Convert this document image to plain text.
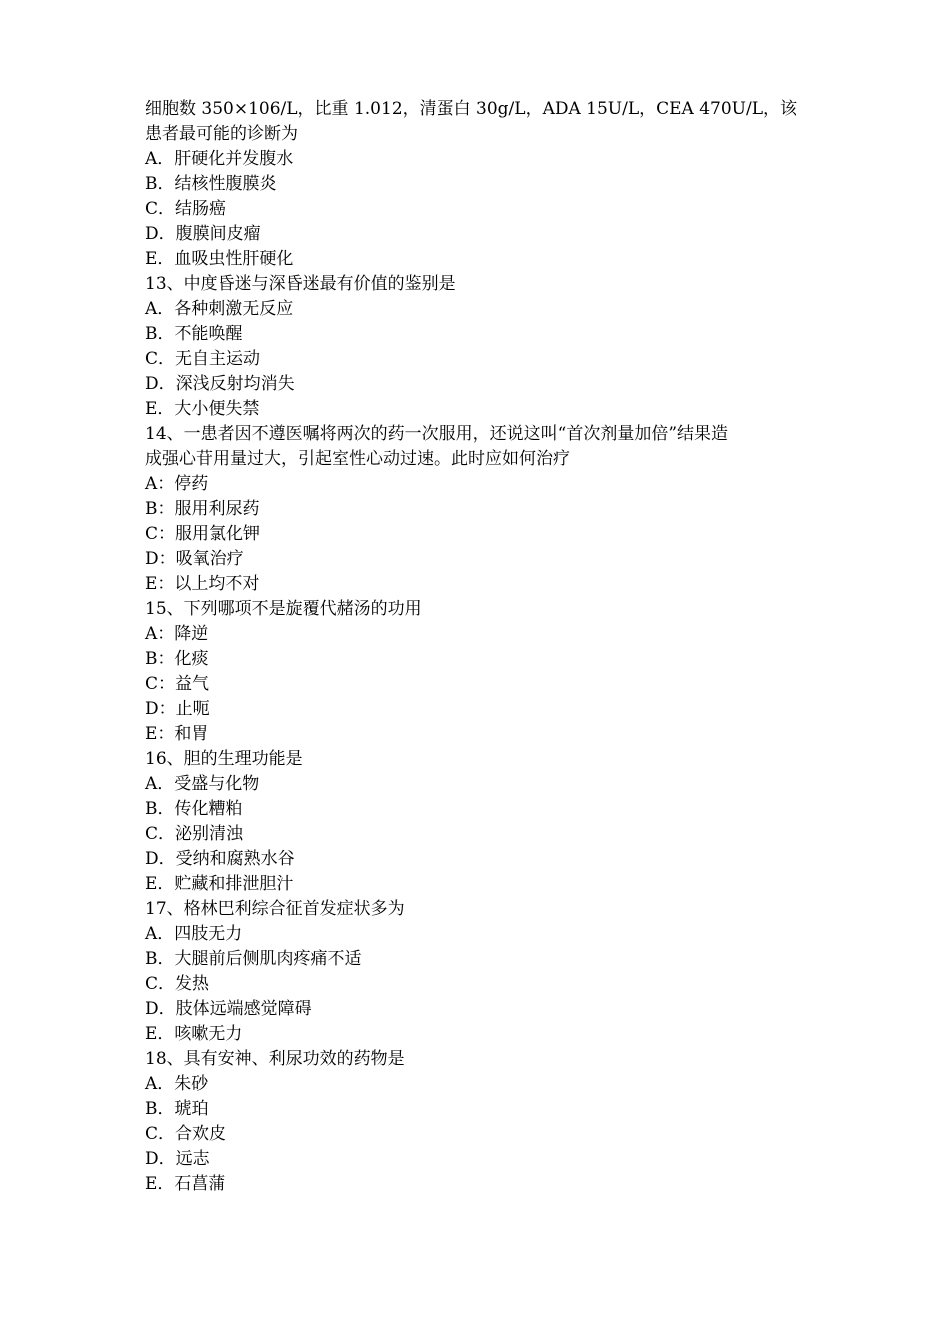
细胞数 350×106/L，比重 1.012，清蛋白 30g/L，ADA 15U/L，CEA 470U/L，该
患者最可能的诊断为
A．肝硬化并发腹水
B．结核性腹膜炎
C．结肠癌
D．腹膜间皮瘤
E．血吸虫性肝硬化
13、中度昏迷与深昏迷最有价值的鉴别是
A．各种刺激无反应
B．不能唤醒
C．无自主运动
D．深浅反射均消失
E．大小便失禁
14、一患者因不遵医嘱将两次的药一次服用，还说这叫“首次剂量加倍”结果造
成强心苷用量过大，引起室性心动过速。此时应如何治疗
A：停药
B：服用利尿药
C：服用氯化钾
D：吸氧治疗
E：以上均不对
15、下列哪项不是旋覆代赭汤的功用
A：降逆
B：化痰
C：益气
D：止呃
E：和胃
16、胆的生理功能是
A．受盛与化物
B．传化糟粕
C．泌别清浊
D．受纳和腐熟水谷
E．贮藏和排泄胆汁
17、格林巴利综合征首发症状多为
A．四肢无力
B．大腿前后侧肌肉疼痛不适
C．发热
D．肢体远端感觉障碍
E．咳嗽无力
18、具有安神、利尿功效的药物是
A．朱砂
B．琥珀
C．合欢皮
D．远志
E．石菖蒲
